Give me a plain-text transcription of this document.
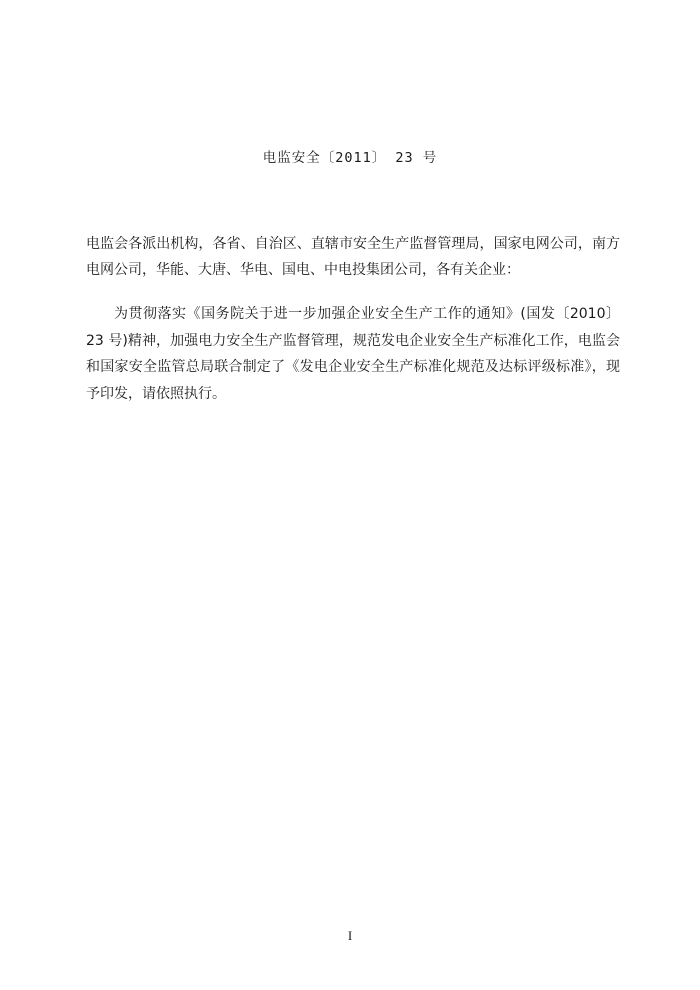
电监安全〔2011〕 23 号
电监会各派出机构，各省、自治区、直辖市安全生产监督管理局，国家电网公司，南方电网公司，华能、大唐、华电、国电、中电投集团公司，各有关企业：
为贯彻落实《国务院关于进一步加强企业安全生产工作的通知》(国发〔2010〕23 号)精神，加强电力安全生产监督管理，规范发电企业安全生产标准化工作，电监会和国家安全监管总局联合制定了《发电企业安全生产标准化规范及达标评级标准》，现予印发，请依照执行。
I
